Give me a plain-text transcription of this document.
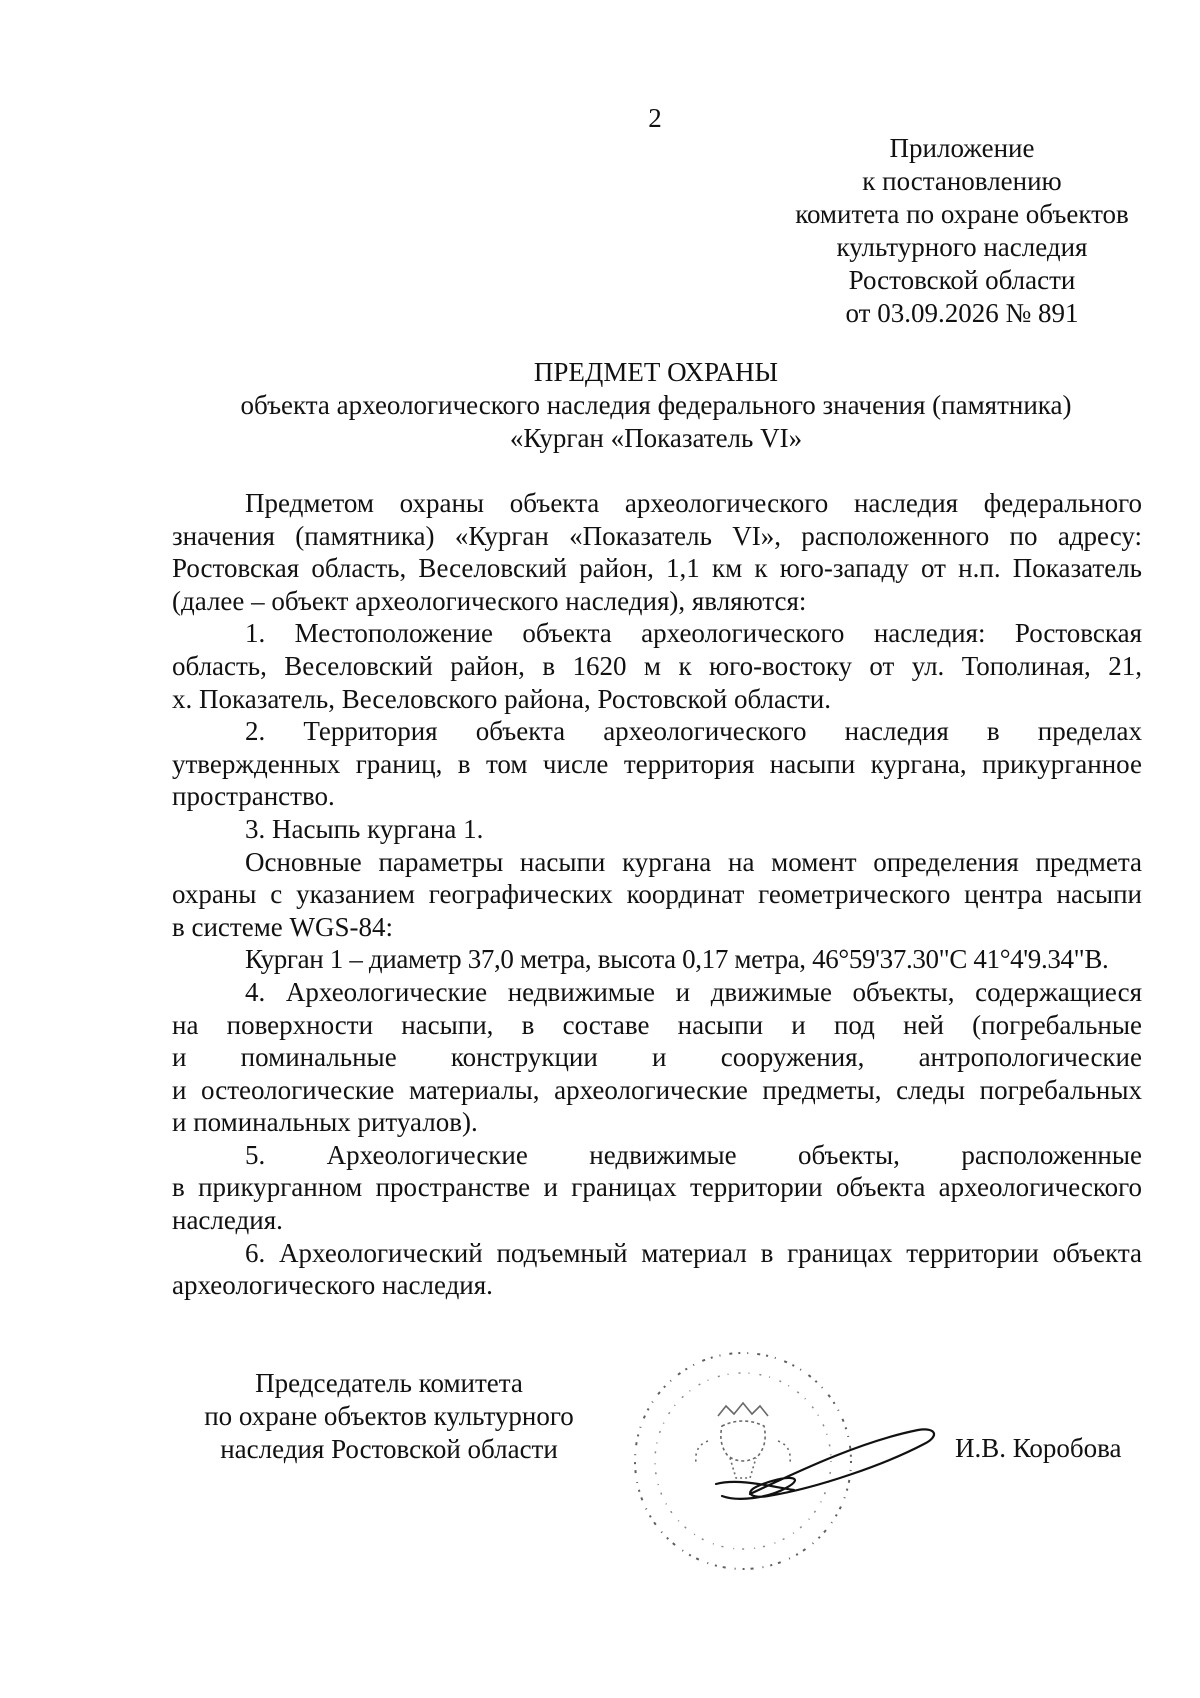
2
Приложение
к постановлению
комитета по охране объектов
культурного наследия
Ростовской области
от 03.09.2026 № 891
ПРЕДМЕТ ОХРАНЫ
объекта археологического наследия федерального значения (памятника)
«Курган «Показатель VI»
Предметом охраны объекта археологического наследия федерального
значения (памятника) «Курган «Показатель VI», расположенного по адресу:
Ростовская область, Веселовский район, 1,1 км к юго-западу от н.п. Показатель
(далее – объект археологического наследия), являются:
1. Местоположение объекта археологического наследия: Ростовская
область, Веселовский район, в 1620 м к юго-востоку от ул. Тополиная, 21,
х. Показатель, Веселовского района, Ростовской области.
2. Территория объекта археологического наследия в пределах
утвержденных границ, в том числе территория насыпи кургана, прикурганное
пространство.
3. Насыпь кургана 1.
Основные параметры насыпи кургана на момент определения предмета
охраны с указанием географических координат геометрического центра насыпи
в системе WGS-84:
Курган 1 – диаметр 37,0 метра, высота 0,17 метра, 46°59'37.30"С 41°4'9.34"В.
4. Археологические недвижимые и движимые объекты, содержащиеся
на поверхности насыпи, в составе насыпи и под ней (погребальные
и поминальные конструкции и сооружения, антропологические
и остеологические материалы, археологические предметы, следы погребальных
и поминальных ритуалов).
5. Археологические недвижимые объекты, расположенные
в прикурганном пространстве и границах территории объекта археологического
наследия.
6. Археологический подъемный материал в границах территории объекта
археологического наследия.
Председатель комитета
по охране объектов культурного
наследия Ростовской области	И.В. Коробова
